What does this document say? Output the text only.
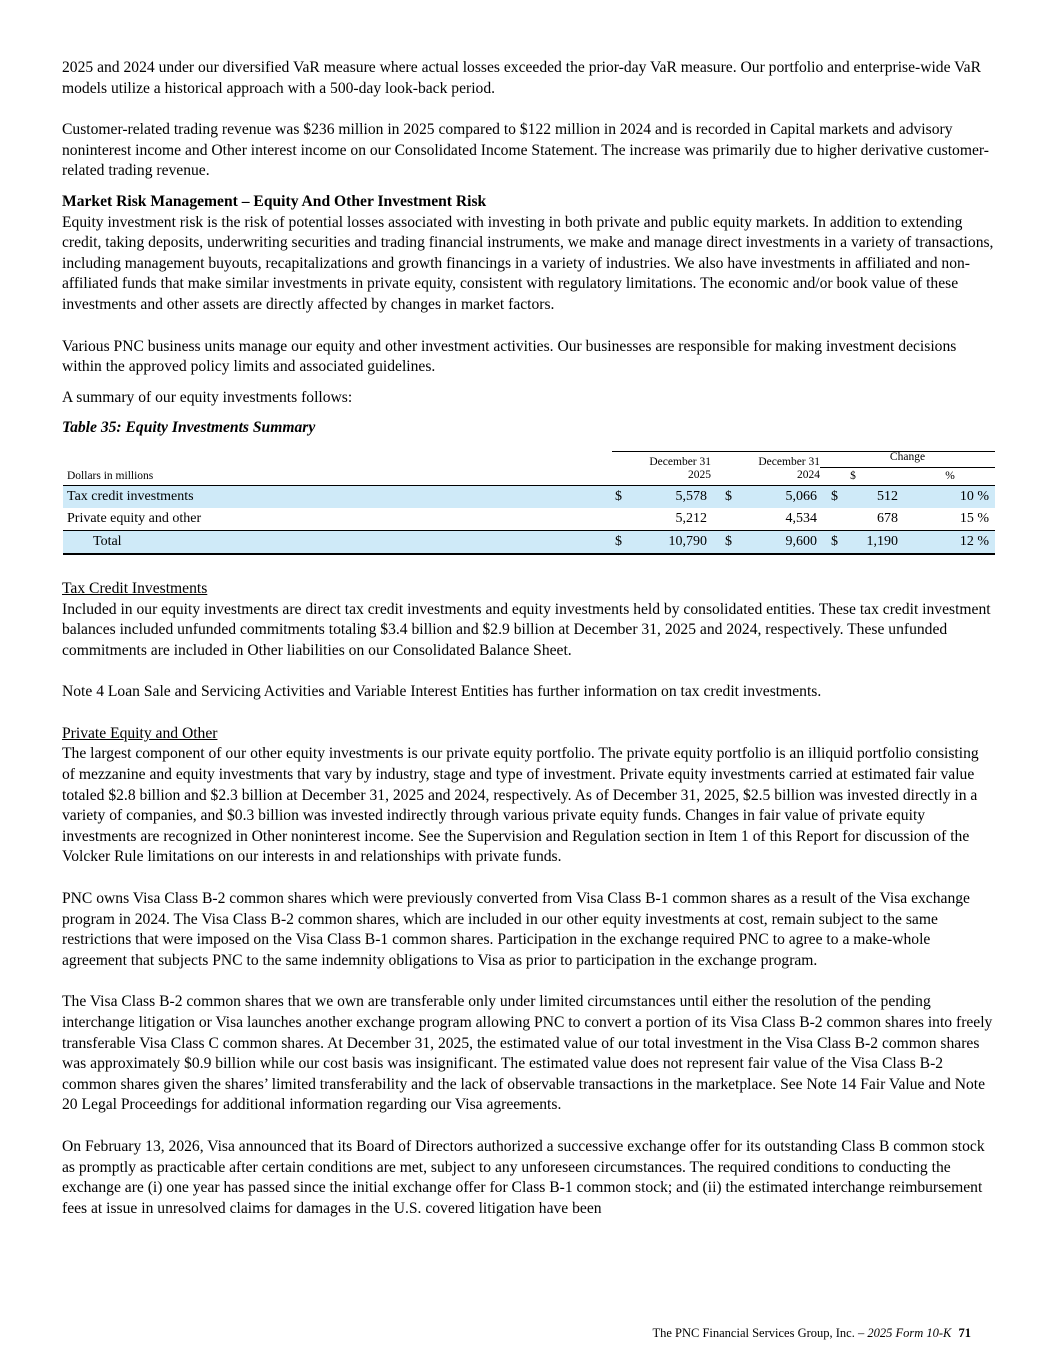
2025 and 2024 under our diversified VaR measure where actual losses exceeded the prior-day VaR measure. Our portfolio and enterprise-wide VaR models utilize a historical approach with a 500-day look-back period.

Customer-related trading revenue was $236 million in 2025 compared to $122 million in 2024 and is recorded in Capital markets and advisory noninterest income and Other interest income on our Consolidated Income Statement. The increase was primarily due to higher derivative customer-related trading revenue.

Market Risk Management – Equity And Other Investment Risk

Equity investment risk is the risk of potential losses associated with investing in both private and public equity markets. In addition to extending credit, taking deposits, underwriting securities and trading financial instruments, we make and manage direct investments in a variety of transactions, including management buyouts, recapitalizations and growth financings in a variety of industries. We also have investments in affiliated and non-affiliated funds that make similar investments in private equity, consistent with regulatory limitations. The economic and/or book value of these investments and other assets are directly affected by changes in market factors.

Various PNC business units manage our equity and other investment activities. Our businesses are responsible for making investment decisions within the approved policy limits and associated guidelines.

A summary of our equity investments follows:

Table 35: Equity Investments Summary

Dollars in millions
December 31
2025
December 31
2024
Change
$	%
Tax credit investments	$	5,578 $	5,066 $	512	10 %
Private equity and other	5,212	4,534	678	15 %
Total	$	10,790 $	9,600 $	1,190	12 %

Tax Credit Investments

Included in our equity investments are direct tax credit investments and equity investments held by consolidated entities. These tax credit investment balances included unfunded commitments totaling $3.4 billion and $2.9 billion at December 31, 2025 and 2024, respectively. These unfunded commitments are included in Other liabilities on our Consolidated Balance Sheet.

Note 4 Loan Sale and Servicing Activities and Variable Interest Entities has further information on tax credit investments.

Private Equity and Other

The largest component of our other equity investments is our private equity portfolio. The private equity portfolio is an illiquid portfolio consisting of mezzanine and equity investments that vary by industry, stage and type of investment. Private equity investments carried at estimated fair value totaled $2.8 billion and $2.3 billion at December 31, 2025 and 2024, respectively. As of December 31, 2025, $2.5 billion was invested directly in a variety of companies, and $0.3 billion was invested indirectly through various private equity funds. Changes in fair value of private equity investments are recognized in Other noninterest income. See the Supervision and Regulation section in Item 1 of this Report for discussion of the Volcker Rule limitations on our interests in and relationships with private funds.

PNC owns Visa Class B-2 common shares which were previously converted from Visa Class B-1 common shares as a result of the Visa exchange program in 2024. The Visa Class B-2 common shares, which are included in our other equity investments at cost, remain subject to the same restrictions that were imposed on the Visa Class B-1 common shares. Participation in the exchange required PNC to agree to a make-whole agreement that subjects PNC to the same indemnity obligations to Visa as prior to participation in the exchange program.

The Visa Class B-2 common shares that we own are transferable only under limited circumstances until either the resolution of the pending interchange litigation or Visa launches another exchange program allowing PNC to convert a portion of its Visa Class B-2 common shares into freely transferable Visa Class C common shares. At December 31, 2025, the estimated value of our total investment in the Visa Class B-2 common shares was approximately $0.9 billion while our cost basis was insignificant. The estimated value does not represent fair value of the Visa Class B-2 common shares given the shares’ limited transferability and the lack of observable transactions in the marketplace. See Note 14 Fair Value and Note 20 Legal Proceedings for additional information regarding our Visa agreements.

On February 13, 2026, Visa announced that its Board of Directors authorized a successive exchange offer for its outstanding Class B common stock as promptly as practicable after certain conditions are met, subject to any unforeseen circumstances. The required conditions to conducting the exchange are (i) one year has passed since the initial exchange offer for Class B-1 common stock; and (ii) the estimated interchange reimbursement fees at issue in unresolved claims for damages in the U.S. covered litigation have been

The PNC Financial Services Group, Inc. – 2025 Form 10-K 71
